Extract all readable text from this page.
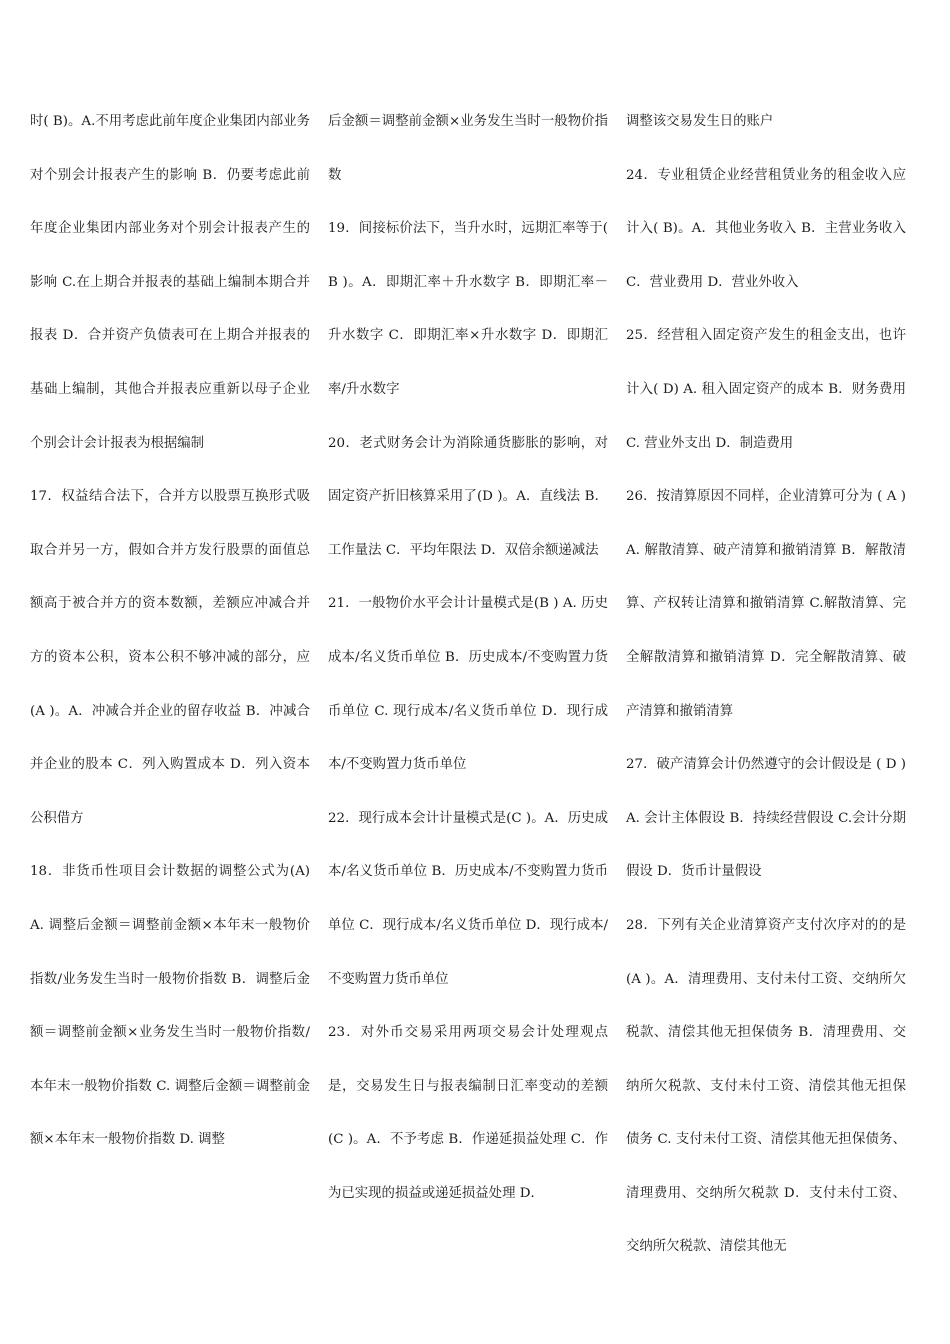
时( B)。A.不用考虑此前年度企业集团内部业务对个别会计报表产生的影响 B．仍要考虑此前年度企业集团内部业务对个别会计报表产生的影响 C.在上期合并报表的基础上编制本期合并报表 D．合并资产负债表可在上期合并报表的基础上编制，其他合并报表应重新以母子企业个别会计会计报表为根据编制

17．权益结合法下，合并方以股票互换形式吸取合并另一方，假如合并方发行股票的面值总额高于被合并方的资本数额，差额应冲减合并方的资本公积，资本公积不够冲减的部分，应(A )。A．冲减合并企业的留存收益 B．冲减合并企业的股本 C．列入购置成本 D．列入资本公积借方

18．非货币性项目会计数据的调整公式为(A) A. 调整后金额＝调整前金额×本年末一般物价指数/业务发生当时一般物价指数 B．调整后金额＝调整前金额×业务发生当时一般物价指数/本年末一般物价指数 C. 调整后金额＝调整前金额×本年末一般物价指数 D. 调整

后金额＝调整前金额×业务发生当时一般物价指数

19．间接标价法下，当升水时，远期汇率等于( B )。A．即期汇率＋升水数字 B．即期汇率－升水数字 C．即期汇率×升水数字 D．即期汇率/升水数字

20．老式财务会计为消除通货膨胀的影响，对固定资产折旧核算采用了(D )。A．直线法 B．工作量法 C．平均年限法 D．双倍余额递减法

21．一般物价水平会计计量模式是(B ) A. 历史成本/名义货币单位 B．历史成本/不变购置力货币单位 C. 现行成本/名义货币单位 D．现行成本/不变购置力货币单位

22．现行成本会计计量模式是(C )。A．历史成本/名义货币单位 B．历史成本/不变购置力货币单位 C．现行成本/名义货币单位 D．现行成本/不变购置力货币单位

23．对外币交易采用两项交易会计处理观点是，交易发生日与报表编制日汇率变动的差额(C )。A．不予考虑 B．作递延损益处理 C．作为已实现的损益或递延损益处理 D．

调整该交易发生日的账户

24．专业租赁企业经营租赁业务的租金收入应计入( B)。A．其他业务收入 B．主营业务收入 C．营业费用 D．营业外收入

25．经营租入固定资产发生的租金支出，也许计入( D) A. 租入固定资产的成本 B．财务费用 C. 营业外支出 D．制造费用

26．按清算原因不同样，企业清算可分为 ( A ) A. 解散清算、破产清算和撤销清算 B．解散清算、产权转让清算和撤销清算 C.解散清算、完全解散清算和撤销清算 D．完全解散清算、破产清算和撤销清算

27．破产清算会计仍然遵守的会计假设是 ( D ) A. 会计主体假设 B．持续经营假设 C.会计分期假设 D．货币计量假设

28．下列有关企业清算资产支付次序对的的是(A )。A．清理费用、支付未付工资、交纳所欠税款、清偿其他无担保债务 B．清理费用、交纳所欠税款、支付未付工资、清偿其他无担保债务 C. 支付未付工资、清偿其他无担保债务、清理费用、交纳所欠税款 D．支付未付工资、交纳所欠税款、清偿其他无
